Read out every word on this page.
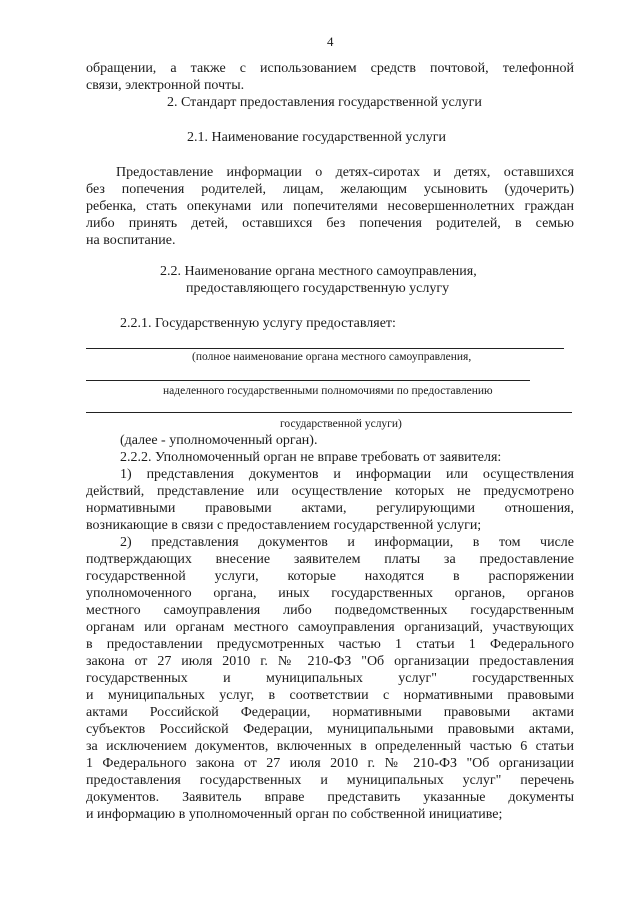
4
обращении, а также с использованием средств почтовой, телефонной
связи, электронной почты.
2. Стандарт предоставления государственной услуги
2.1. Наименование государственной услуги
Предоставление информации о детях-сиротах и детях, оставшихся
без попечения родителей, лицам, желающим усыновить (удочерить)
ребенка, стать опекунами или попечителями несовершеннолетних граждан
либо принять детей, оставшихся без попечения родителей, в семью
на воспитание.
2.2. Наименование органа местного самоуправления,
предоставляющего государственную услугу
2.2.1. Государственную услугу предоставляет:
(полное наименование органа местного самоуправления,
наделенного государственными полномочиями по предоставлению
государственной услуги)
(далее - уполномоченный орган).
2.2.2. Уполномоченный орган не вправе требовать от заявителя:
1) представления документов и информации или осуществления
действий, представление или осуществление которых не предусмотрено
нормативными правовыми актами, регулирующими отношения,
возникающие в связи с предоставлением государственной услуги;
2) представления документов и информации, в том числе
подтверждающих внесение заявителем платы за предоставление
государственной услуги, которые находятся в распоряжении
уполномоченного органа, иных государственных органов, органов
местного самоуправления либо подведомственных государственным
органам или органам местного самоуправления организаций, участвующих
в предоставлении предусмотренных частью 1 статьи 1 Федерального
закона от 27 июля 2010 г. № 210-ФЗ "Об организации предоставления
государственных и муниципальных услуг" государственных
и муниципальных услуг, в соответствии с нормативными правовыми
актами Российской Федерации, нормативными правовыми актами
субъектов Российской Федерации, муниципальными правовыми актами,
за исключением документов, включенных в определенный частью 6 статьи
1 Федерального закона от 27 июля 2010 г. № 210-ФЗ "Об организации
предоставления государственных и муниципальных услуг" перечень
документов. Заявитель вправе представить указанные документы
и информацию в уполномоченный орган по собственной инициативе;
